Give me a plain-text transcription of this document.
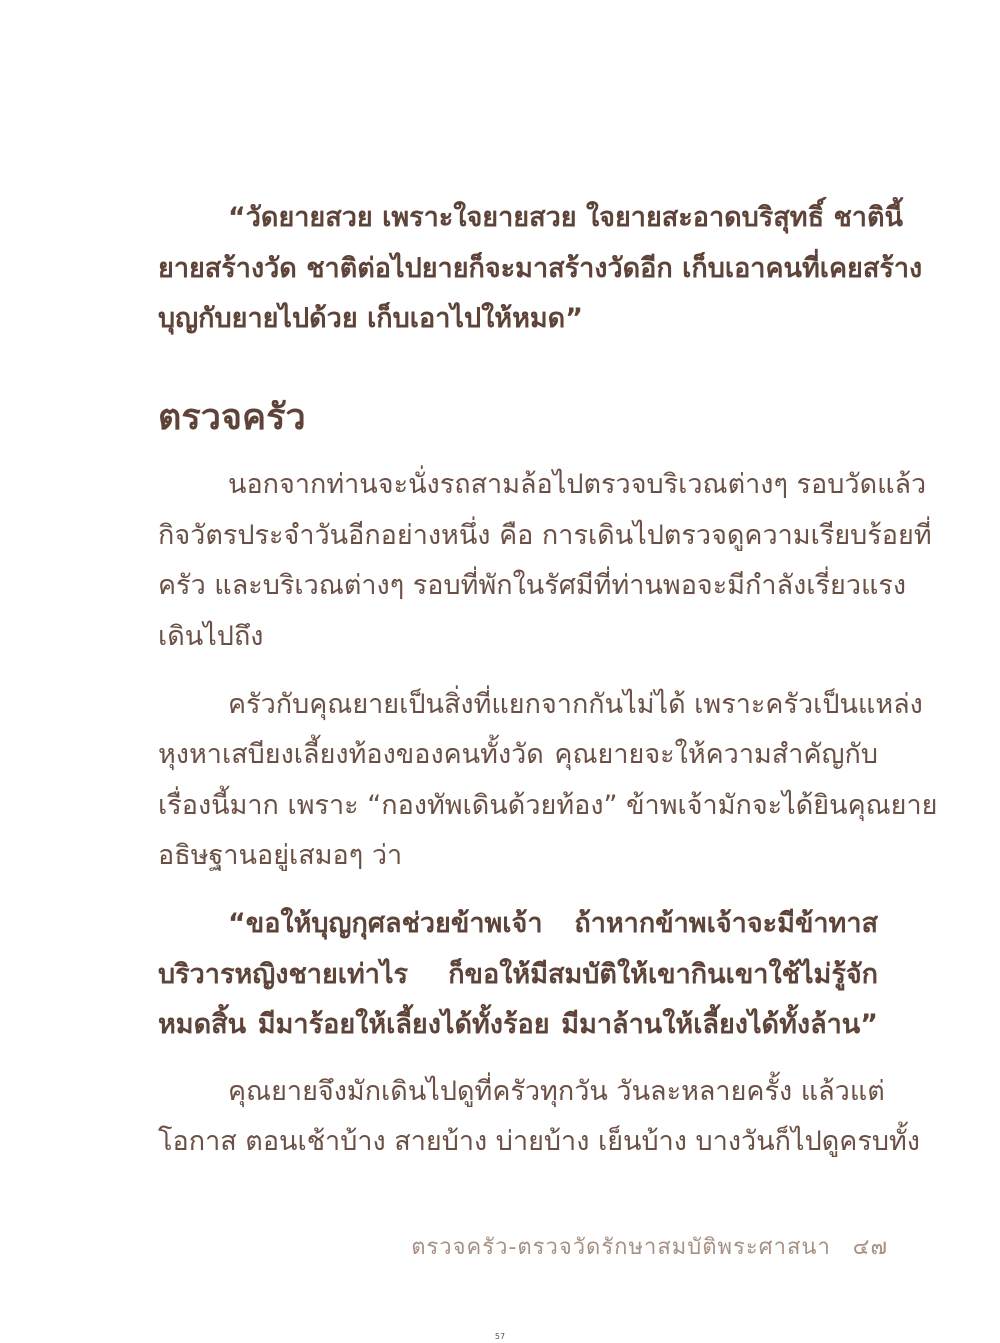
“วัดยายสวย เพราะใจยายสวย ใจยายสะอาดบริสุทธิ์ ชาตินี้
ยายสร้างวัด ชาติต่อไปยายก็จะมาสร้างวัดอีก เก็บเอาคนที่เคยสร้าง
บุญกับยายไปด้วย เก็บเอาไปให้หมด”
ตรวจครัว
นอกจากท่านจะนั่งรถสามล้อไปตรวจบริเวณต่างๆ รอบวัดแล้ว
กิจวัตรประจำวันอีกอย่างหนึ่ง คือ การเดินไปตรวจดูความเรียบร้อยที่
ครัว และบริเวณต่างๆ รอบที่พักในรัศมีที่ท่านพอจะมีกำลังเรี่ยวแรง
เดินไปถึง
ครัวกับคุณยายเป็นสิ่งที่แยกจากกันไม่ได้ เพราะครัวเป็นแหล่ง
หุงหาเสบียงเลี้ยงท้องของคนทั้งวัด คุณยายจะให้ความสำคัญกับ
เรื่องนี้มาก เพราะ “กองทัพเดินด้วยท้อง” ข้าพเจ้ามักจะได้ยินคุณยาย
อธิษฐานอยู่เสมอๆ ว่า
“ขอให้บุญกุศลช่วยข้าพเจ้า ถ้าหากข้าพเจ้าจะมีข้าทาส
บริวารหญิงชายเท่าไร ก็ขอให้มีสมบัติให้เขากินเขาใช้ไม่รู้จัก
หมดสิ้น มีมาร้อยให้เลี้ยงได้ทั้งร้อย มีมาล้านให้เลี้ยงได้ทั้งล้าน”
คุณยายจึงมักเดินไปดูที่ครัวทุกวัน วันละหลายครั้ง แล้วแต่
โอกาส ตอนเช้าบ้าง สายบ้าง บ่ายบ้าง เย็นบ้าง บางวันก็ไปดูครบทั้ง
ตรวจครัว-ตรวจวัดรักษาสมบัติพระศาสนา ๔๗
57
